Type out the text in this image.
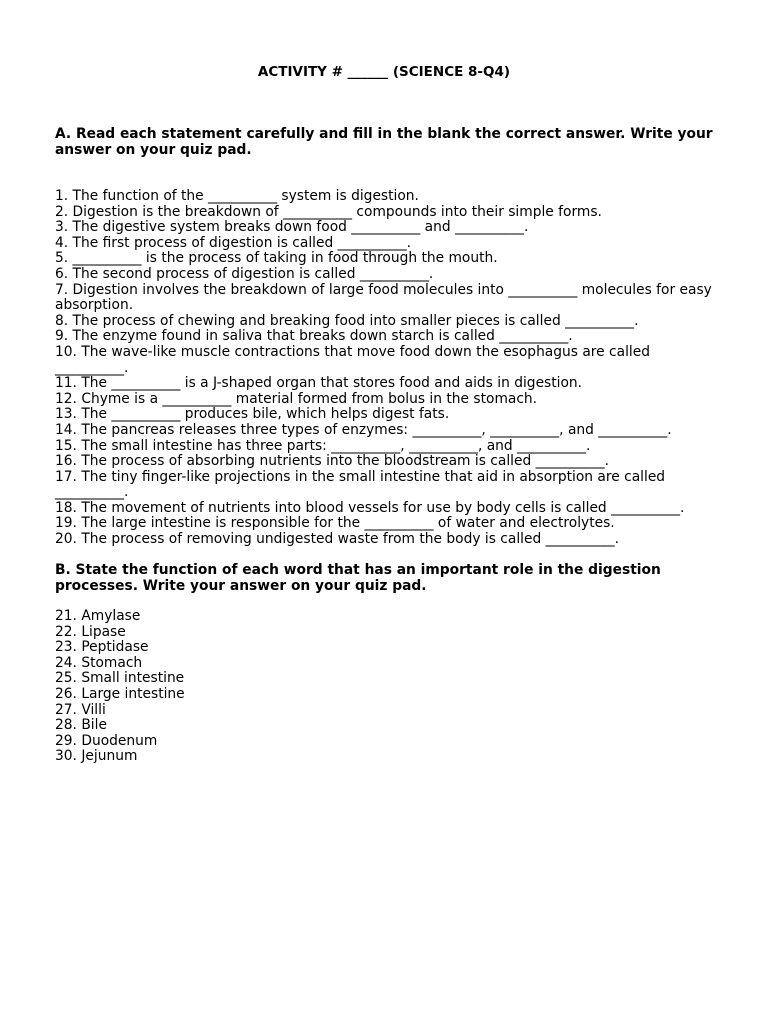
ACTIVITY # ______ (SCIENCE 8-Q4)

A. Read each statement carefully and fill in the blank the correct answer. Write your answer on your quiz pad.

1. The function of the __________ system is digestion.
2. Digestion is the breakdown of __________ compounds into their simple forms.
3. The digestive system breaks down food __________ and __________.
4. The first process of digestion is called __________.
5. __________ is the process of taking in food through the mouth.
6. The second process of digestion is called __________.
7. Digestion involves the breakdown of large food molecules into __________ molecules for easy absorption.
8. The process of chewing and breaking food into smaller pieces is called __________.
9. The enzyme found in saliva that breaks down starch is called __________.
10. The wave-like muscle contractions that move food down the esophagus are called __________.
11. The __________ is a J-shaped organ that stores food and aids in digestion.
12. Chyme is a __________ material formed from bolus in the stomach.
13. The __________ produces bile, which helps digest fats.
14. The pancreas releases three types of enzymes: __________, __________, and __________.
15. The small intestine has three parts: __________, __________, and __________.
16. The process of absorbing nutrients into the bloodstream is called __________.
17. The tiny finger-like projections in the small intestine that aid in absorption are called __________.
18. The movement of nutrients into blood vessels for use by body cells is called __________.
19. The large intestine is responsible for the __________ of water and electrolytes.
20. The process of removing undigested waste from the body is called __________.

B. State the function of each word that has an important role in the digestion processes. Write your answer on your quiz pad.

21. Amylase
22. Lipase
23. Peptidase
24. Stomach
25. Small intestine
26. Large intestine
27. Villi
28. Bile
29. Duodenum
30. Jejunum
